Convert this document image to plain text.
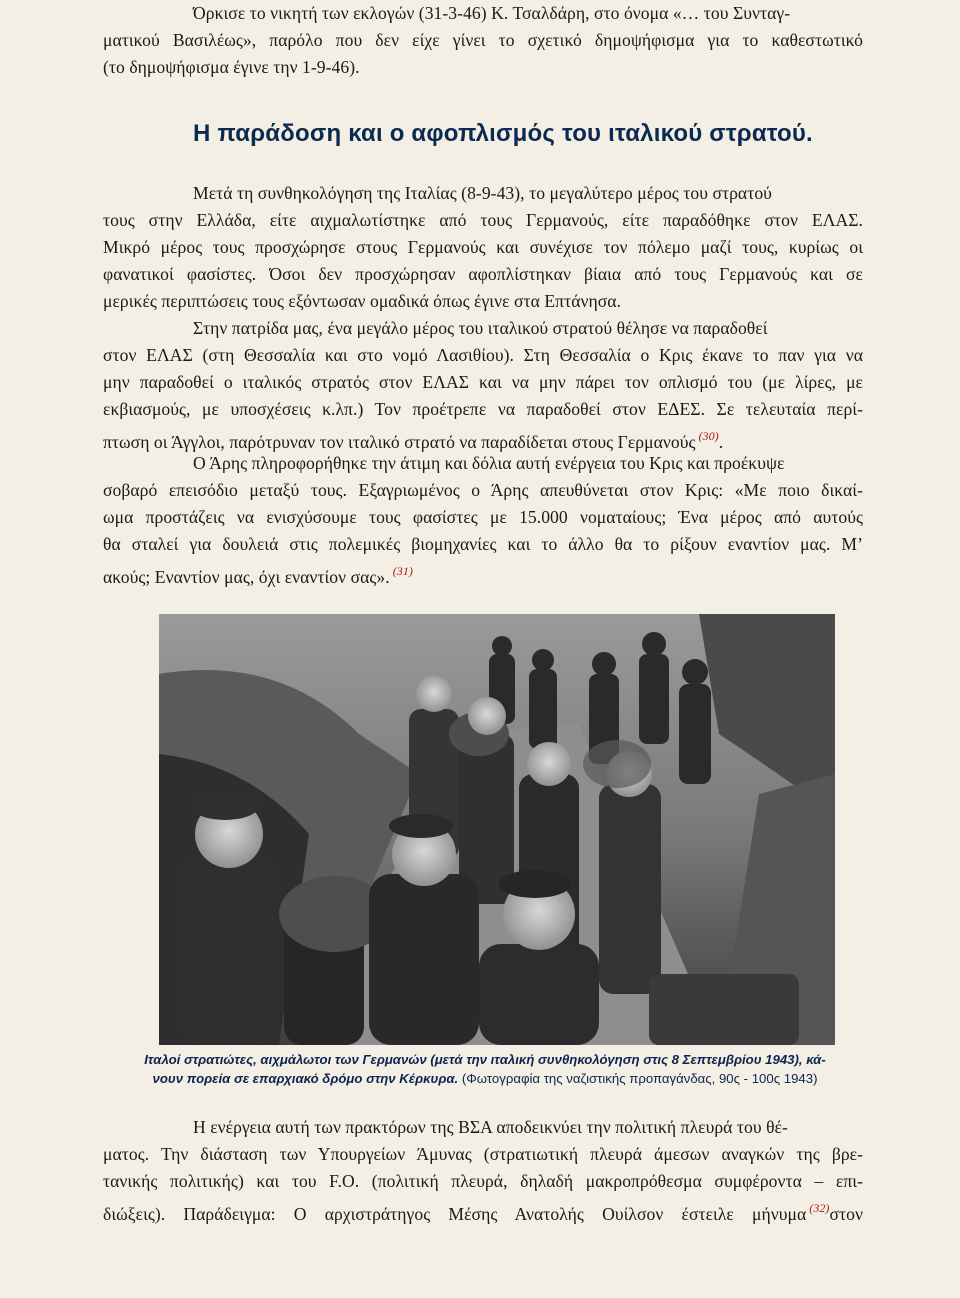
Όρκισε το νικητή των εκλογών (31-3-46) Κ. Τσαλδάρη, στο όνομα «… του Συνταγ-
ματικού Βασιλέως», παρόλο που δεν είχε γίνει το σχετικό δημοψήφισμα για το καθεστωτικό
(το δημοψήφισμα έγινε την 1-9-46).
Η παράδοση και ο αφοπλισμός του ιταλικού στρατού.
Μετά τη συνθηκολόγηση της Ιταλίας (8-9-43), το μεγαλύτερο μέρος του στρατού
τους στην Ελλάδα, είτε αιχμαλωτίστηκε από τους Γερμανούς, είτε παραδόθηκε στον ΕΛΑΣ.
Μικρό μέρος τους προσχώρησε στους Γερμανούς και συνέχισε τον πόλεμο μαζί τους, κυρίως οι
φανατικοί φασίστες. Όσοι δεν προσχώρησαν αφοπλίστηκαν βίαια από τους Γερμανούς και σε
μερικές περιπτώσεις τους εξόντωσαν ομαδικά όπως έγινε στα Επτάνησα.
Στην πατρίδα μας, ένα μεγάλο μέρος του ιταλικού στρατού θέλησε να παραδοθεί
στον ΕΛΑΣ (στη Θεσσαλία και στο νομό Λασιθίου). Στη Θεσσαλία ο Κρις έκανε το παν για να
μην παραδοθεί ο ιταλικός στρατός στον ΕΛΑΣ και να μην πάρει τον οπλισμό του (με λίρες, με
εκβιασμούς, με υποσχέσεις κ.λπ.) Τον προέτρεπε να παραδοθεί στον ΕΔΕΣ. Σε τελευταία περί-
πτωση οι Άγγλοι, παρότρυναν τον ιταλικό στρατό να παραδίδεται στους Γερμανούς $^{(30)}$.
Ο Άρης πληροφορήθηκε την άτιμη και δόλια αυτή ενέργεια του Κρις και προέκυψε
σοβαρό επεισόδιο μεταξύ τους. Εξαγριωμένος ο Άρης απευθύνεται στον Κρις: «Με ποιο δικαί-
ωμα προστάζεις να ενισχύσουμε τους φασίστες με 15.000 νοματαίους; Ένα μέρος από αυτούς
θα σταλεί για δουλειά στις πολεμικές βιομηχανίες και το άλλο θα το ρίξουν εναντίον μας. Μ’
ακούς; Εναντίον μας, όχι εναντίον σας». $^{(31)}$
Ιταλοί στρατιώτες, αιχμάλωτοι των Γερμανών (μετά την ιταλική συνθηκολόγηση στις 8 Σεπτεμβρίου 1943), κά-
νουν πορεία σε επαρχιακό δρόμο στην Κέρκυρα. (Φωτογραφία της ναζιστικής προπαγάνδας, 90ς - 100ς 1943)
Η ενέργεια αυτή των πρακτόρων της ΒΣΑ αποδεικνύει την πολιτική πλευρά του θέ-
ματος. Την διάσταση των Υπουργείων Άμυνας (στρατιωτική πλευρά άμεσων αναγκών της βρε-
τανικής πολιτικής) και του F.O. (πολιτική πλευρά, δηλαδή μακροπρόθεσμα συμφέροντα – επι-
διώξεις). Παράδειγμα: Ο αρχιστράτηγος Μέσης Ανατολής Ουίλσον έστειλε μήνυμα $^{(32)}$στον
